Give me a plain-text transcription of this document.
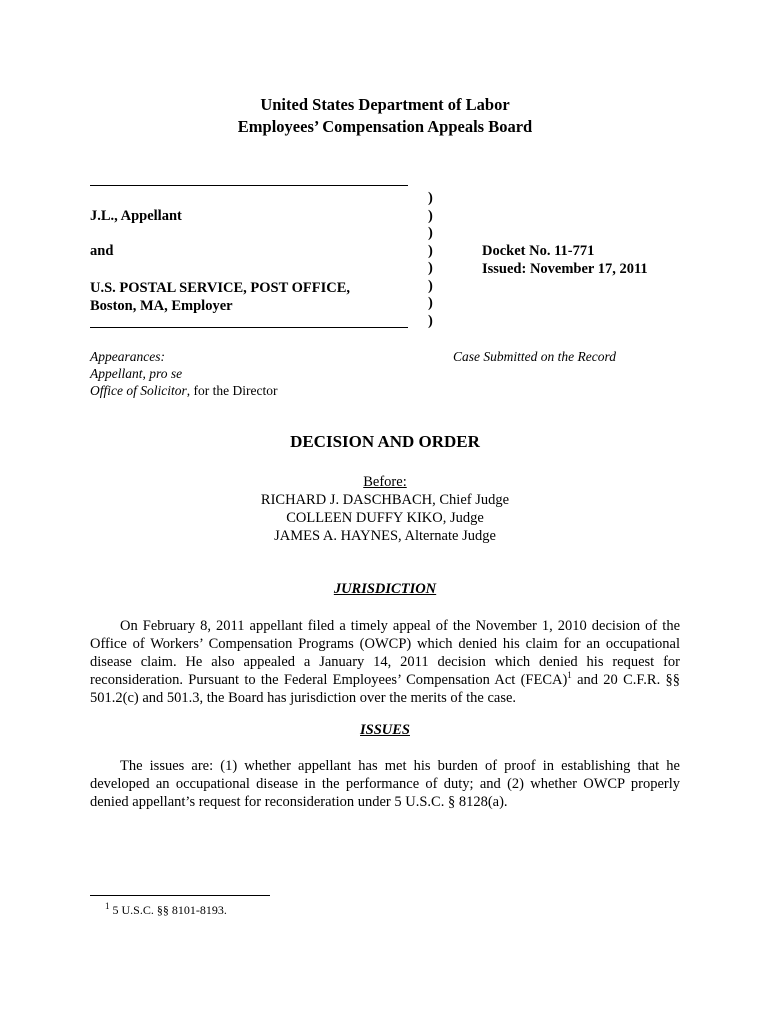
United States Department of Labor
Employees’ Compensation Appeals Board
)
)
)
)
)
)
)
)
J.L., Appellant
and
U.S. POSTAL SERVICE, POST OFFICE,
Boston, MA, Employer
Docket No. 11-771
Issued: November 17, 2011
Appearances:
Appellant, pro se
Office of Solicitor, for the Director
Case Submitted on the Record
DECISION AND ORDER
Before:
RICHARD J. DASCHBACH, Chief Judge
COLLEEN DUFFY KIKO, Judge
JAMES A. HAYNES, Alternate Judge
JURISDICTION

On February 8, 2011 appellant filed a timely appeal of the November 1, 2010 decision of the Office of Workers’ Compensation Programs (OWCP) which denied his claim for an occupational disease claim. He also appealed a January 14, 2011 decision which denied his request for reconsideration. Pursuant to the Federal Employees’ Compensation Act (FECA)$^1$ and 20 C.F.R. §§ 501.2(c) and 501.3, the Board has jurisdiction over the merits of the case.

ISSUES

The issues are: (1) whether appellant has met his burden of proof in establishing that he developed an occupational disease in the performance of duty; and (2) whether OWCP properly denied appellant’s request for reconsideration under 5 U.S.C. § 8128(a).

$^1$ 5 U.S.C. §§ 8101-8193.
